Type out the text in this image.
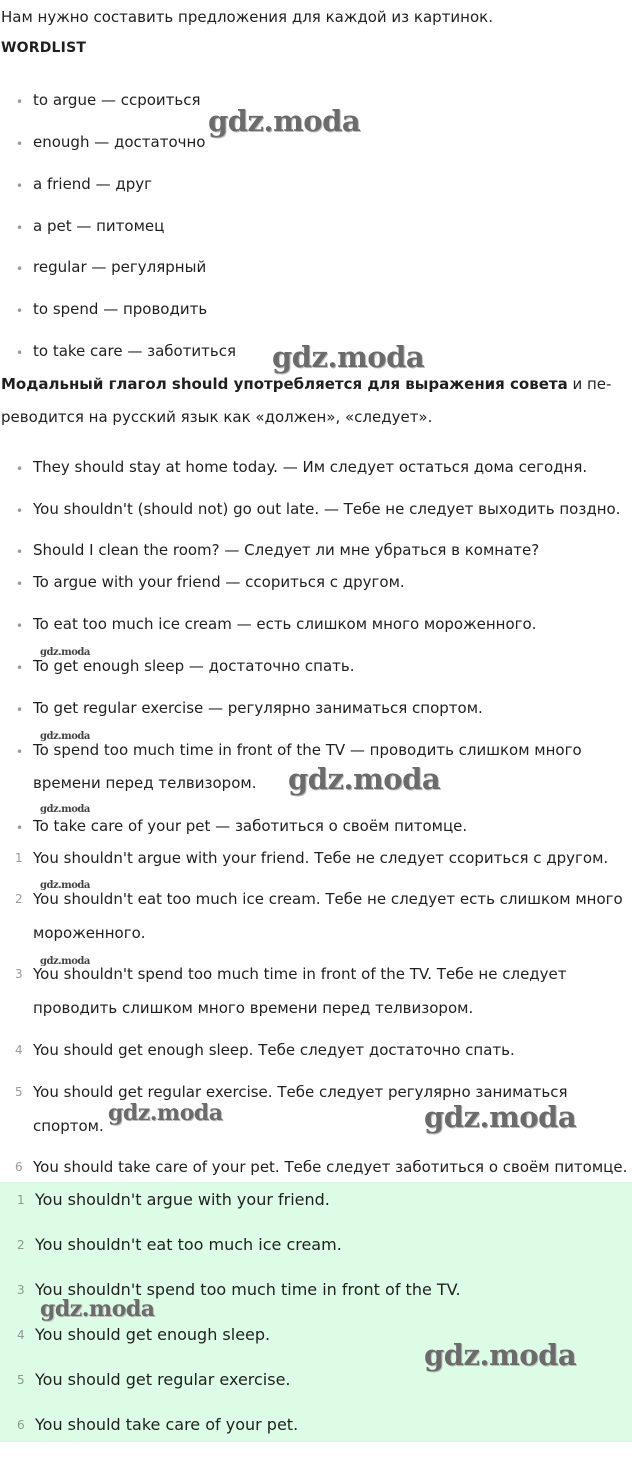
Нам нужно составить предложения для каждой из картинок.
WORDLIST
• to argue — ссроиться
• enough — достаточно
• a friend — друг
• a pet — питомец
• regular — регулярный
• to spend — проводить
• to take care — заботиться
Модальный глагол should употребляется для выражения совета и пе-
реводится на русский язык как «должен», «следует».
• They should stay at home today. — Им следует остаться дома сегодня.
• You shouldn't (should not) go out late. — Тебе не следует выходить поздно.
• Should I clean the room? — Следует ли мне убраться в комнате?
• To argue with your friend — ссориться с другом.
• To eat too much ice cream — есть слишком много мороженного.
• To get enough sleep — достаточно спать.
• To get regular exercise — регулярно заниматься спортом.
• To spend too much time in front of the TV — проводить слишком много
времени перед телвизором.
• To take care of your pet — заботиться о своём питомце.
1 You shouldn't argue with your friend. Тебе не следует ссориться с другом.
2 You shouldn't eat too much ice cream. Тебе не следует есть слишком много
мороженного.
3 You shouldn't spend too much time in front of the TV. Тебе не следует
проводить слишком много времени перед телвизором.
4 You should get enough sleep. Тебе следует достаточно спать.
5 You should get regular exercise. Тебе следует регулярно заниматься
спортом.
6 You should take care of your pet. Тебе следует заботиться о своём питомце.
1 You shouldn't argue with your friend.
2 You shouldn't eat too much ice cream.
3 You shouldn't spend too much time in front of the TV.
4 You should get enough sleep.
5 You should get regular exercise.
6 You should take care of your pet.
gdz.moda
gdz.moda
gdz.moda
gdz.moda
gdz.moda
gdz.moda
gdz.moda
gdz.moda
gdz.moda	gdz.moda
gdz.moda
gdz.moda
